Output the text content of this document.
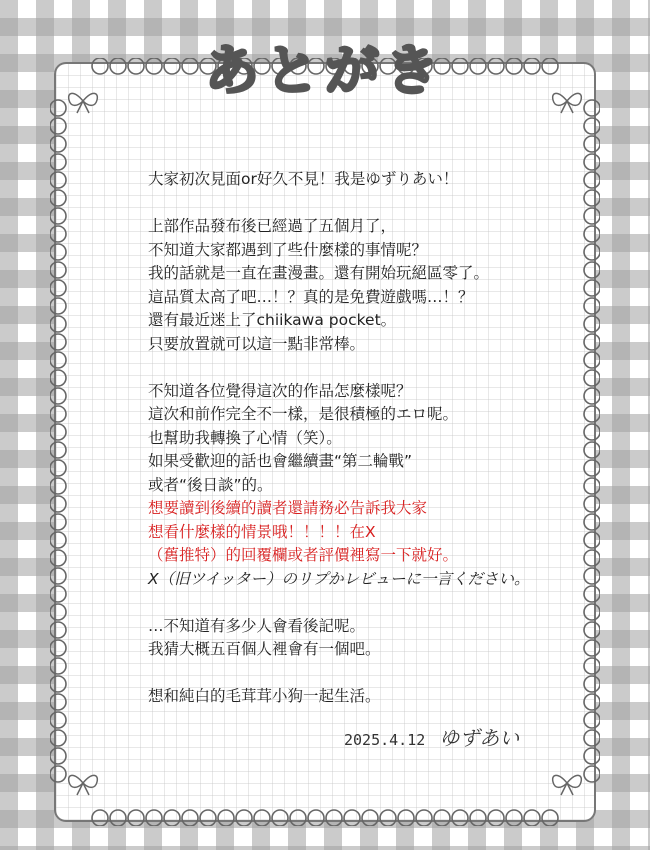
あとがき
大家初次見面or好久不見！我是ゆずりあい！
上部作品發布後已經過了五個月了，
不知道大家都遇到了些什麼樣的事情呢？
我的話就是一直在畫漫畫。還有開始玩絕區零了。
這品質太高了吧…！？真的是免費遊戲嗎…！？
還有最近迷上了chiikawa pocket。
只要放置就可以這一點非常棒。
不知道各位覺得這次的作品怎麼樣呢？
這次和前作完全不一樣，是很積極的エロ呢。
也幫助我轉換了心情（笑）。
如果受歡迎的話也會繼續畫“第二輪戰”
或者“後日談”的。
想要讀到後續的讀者還請務必告訴我大家
想看什麼樣的情景哦！！！！在X
（舊推特）的回覆欄或者評價裡寫一下就好。
X（旧ツイッター）のリプかレビューに一言ください。
…不知道有多少人會看後記呢。
我猜大概五百個人裡會有一個吧。
想和純白的毛茸茸小狗一起生活。
2025.4.12 ゆずあい
